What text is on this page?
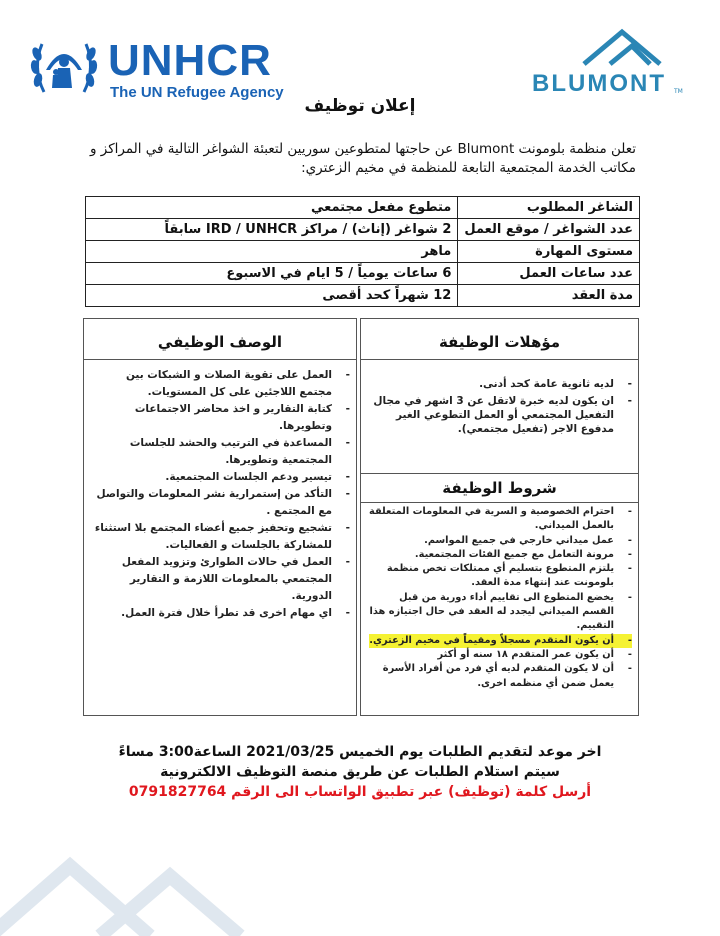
UNHCR
The UN Refugee Agency	BLUMONT TM
إعلان توظيف
تعلن منظمة بلومونت Blumont عن حاجتها لمتطوعين سوريين لتعبئة الشواغر التالية في المراكز و مكاتب الخدمة المجتمعية التابعة للمنظمة في مخيم الزعتري:
الشاغر المطلوب	متطوع مفعل مجتمعي
عدد الشواغر / موقع العمل	2 شواغر (إناث) / مراكز IRD / UNHCR سابقاً
مستوى المهارة	ماهر
عدد ساعات العمل	6 ساعات يومياً / 5 ايام في الاسبوع
مدة العقد	12 شهراً كحد أقصى
الوصف الوظيفي
- العمل على تقوية الصلات و الشبكات بين مجتمع اللاجئين على كل المستويات.
- كتابة التقارير و اخذ محاضر الاجتماعات وتطويرها.
- المساعدة في الترتيب والحشد للجلسات المجتمعية وتطويرها.
- تيسير ودعم الجلسات المجتمعية.
- التأكد من إستمرارية نشر المعلومات والتواصل مع المجتمع .
- تشجيع وتحفيز جميع أعضاء المجتمع بلا استثناء للمشاركة بالجلسات و الفعاليات.
- العمل في حالات الطوارئ وتزويد المفعل المجتمعي بالمعلومات اللازمة و التقارير الدورية.
- اي مهام اخرى قد تطرأ خلال فترة العمل.
مؤهلات الوظيفة
- لديه ثانوية عامة كحد أدنى.
- ان يكون لديه خبرة لاتقل عن 3 اشهر في مجال التفعيل المجتمعي أو العمل التطوعي الغير مدفوع الاجر (تفعيل مجتمعي).
شروط الوظيفة
- احترام الخصوصية و السرية في المعلومات المتعلقة بالعمل الميداني.
- عمل ميداني خارجي في جميع المواسم.
- مرونة التعامل مع جميع الفئات المجتمعية.
- يلتزم المتطوع بتسليم أي ممتلكات تخص منظمة بلومونت عند إنتهاء مدة العقد.
- يخضع المتطوع الى تقاييم أداء دورية من قبل القسم الميداني ليجدد له العقد في حال اجتيازه هذا التقييم.
- أن يكون المتقدم مسجلاً ومقيماً في مخيم الزعتري.
- أن يكون عمر المتقدم ١٨ سنه أو أكثر
- أن لا يكون المتقدم لديه أي فرد من أفراد الأسرة يعمل ضمن أي منظمه اخرى.
اخر موعد لتقديم الطلبات يوم الخميس 2021/03/25 الساعة3:00 مساءً
سيتم استلام الطلبات عن طريق منصة التوظيف الالكترونية
أرسل كلمة (توظيف) عبر تطبيق الواتساب الى الرقم 0791827764
